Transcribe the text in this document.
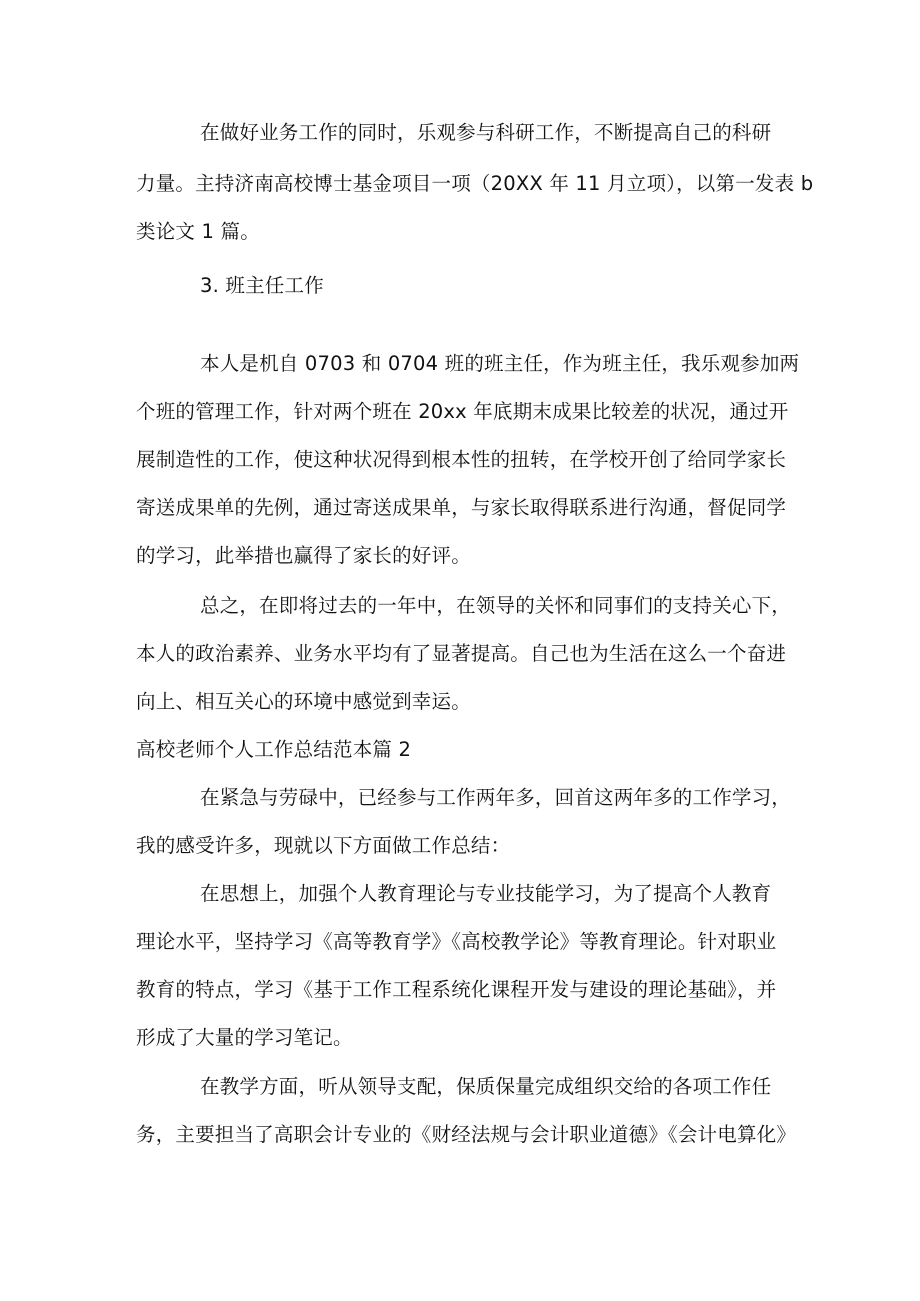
在做好业务工作的同时，乐观参与科研工作，不断提高自己的科研
力量。主持济南高校博士基金项目一项（20XX 年 11 月立项），以第一发表 b
类论文 1 篇。
3. 班主任工作
本人是机自 0703 和 0704 班的班主任，作为班主任，我乐观参加两
个班的管理工作，针对两个班在 20xx 年底期末成果比较差的状况，通过开
展制造性的工作，使这种状况得到根本性的扭转，在学校开创了给同学家长
寄送成果单的先例，通过寄送成果单，与家长取得联系进行沟通，督促同学
的学习，此举措也赢得了家长的好评。
总之，在即将过去的一年中，在领导的关怀和同事们的支持关心下，
本人的政治素养、业务水平均有了显著提高。自己也为生活在这么一个奋进
向上、相互关心的环境中感觉到幸运。
高校老师个人工作总结范本篇 2
在紧急与劳碌中，已经参与工作两年多，回首这两年多的工作学习，
我的感受许多，现就以下方面做工作总结：
在思想上，加强个人教育理论与专业技能学习，为了提高个人教育
理论水平，坚持学习《高等教育学》《高校教学论》等教育理论。针对职业
教育的特点，学习《基于工作工程系统化课程开发与建设的理论基础》，并
形成了大量的学习笔记。
在教学方面，听从领导支配，保质保量完成组织交给的各项工作任
务，主要担当了高职会计专业的《财经法规与会计职业道德》《会计电算化》
